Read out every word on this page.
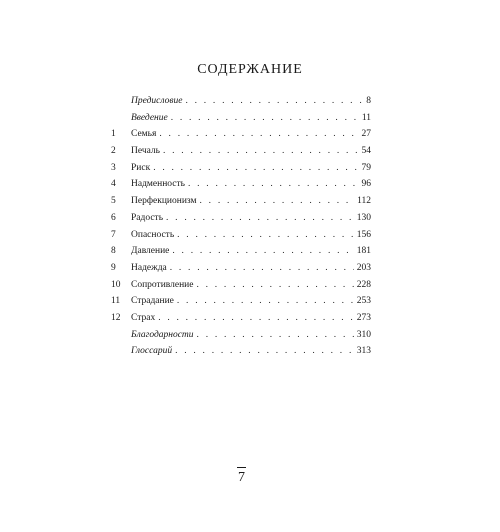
СОДЕРЖАНИЕ
Предисловие . . .	8
Введение . . .	11
1	Семья . . .	27
2	Печаль . . .	54
3	Риск . . .	79
4	Надменность . . .	96
5	Перфекционизм . . .	112
6	Радость . . .	130
7	Опасность . . .	156
8	Давление . . .	181
9	Надежда . . .	203
10	Сопротивление . . .	228
11	Страдание . . .	253
12	Страх . . .	273
Благодарности . . .	310
Глоссарий . . .	313
7
